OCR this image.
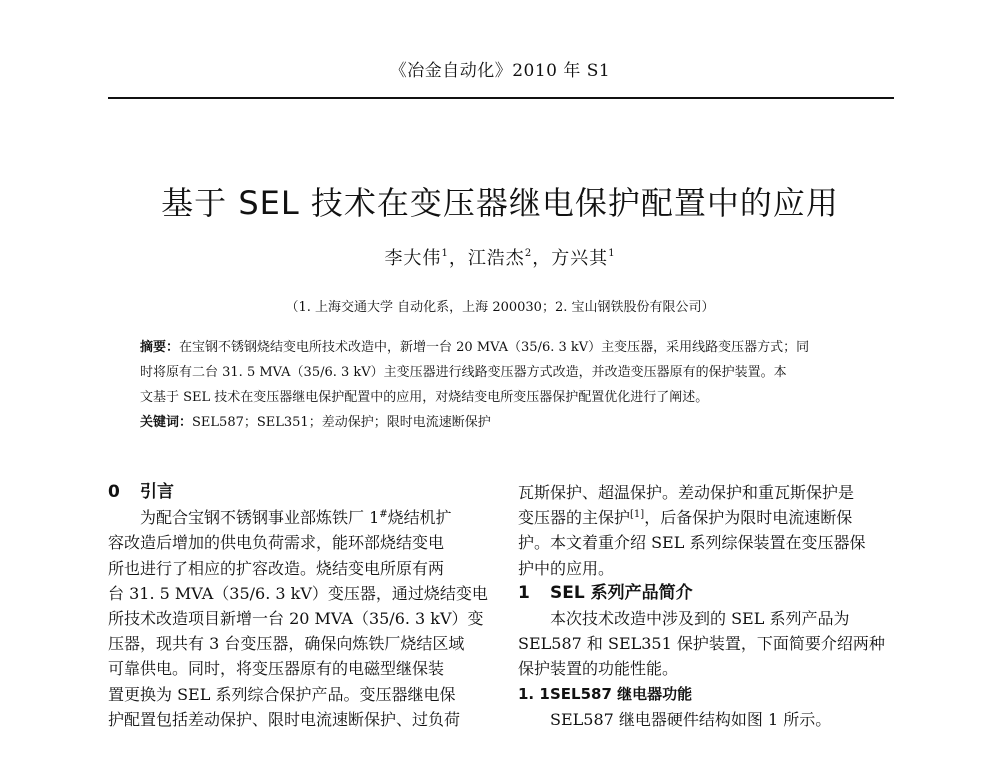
《冶金自动化》2010 年 S1
基于 SEL 技术在变压器继电保护配置中的应用
李大伟$^1$，江浩杰$^2$，方兴其$^1$
（1. 上海交通大学 自动化系，上海 200030；2. 宝山钢铁股份有限公司）
摘要：在宝钢不锈钢烧结变电所技术改造中，新增一台 20 MVA（35/6. 3 kV）主变压器，采用线路变压器方式；同
时将原有二台 31. 5 MVA（35/6. 3 kV）主变压器进行线路变压器方式改造，并改造变压器原有的保护装置。本
文基于 SEL 技术在变压器继电保护配置中的应用，对烧结变电所变压器保护配置优化进行了阐述。
关键词：SEL587；SEL351；差动保护；限时电流速断保护
0 引言
为配合宝钢不锈钢事业部炼铁厂 1#烧结机扩
容改造后增加的供电负荷需求，能环部烧结变电
所也进行了相应的扩容改造。烧结变电所原有两
台 31. 5 MVA（35/6. 3 kV）变压器，通过烧结变电
所技术改造项目新增一台 20 MVA（35/6. 3 kV）变
压器，现共有 3 台变压器，确保向炼铁厂烧结区域
可靠供电。同时，将变压器原有的电磁型继保装
置更换为 SEL 系列综合保护产品。变压器继电保
护配置包括差动保护、限时电流速断保护、过负荷
瓦斯保护、超温保护。差动保护和重瓦斯保护是
变压器的主保护[1]，后备保护为限时电流速断保
护。本文着重介绍 SEL 系列综保装置在变压器保
护中的应用。
1 SEL 系列产品简介
本次技术改造中涉及到的 SEL 系列产品为
SEL587 和 SEL351 保护装置，下面简要介绍两种
保护装置的功能性能。
1. 1SEL587 继电器功能
SEL587 继电器硬件结构如图 1 所示。
